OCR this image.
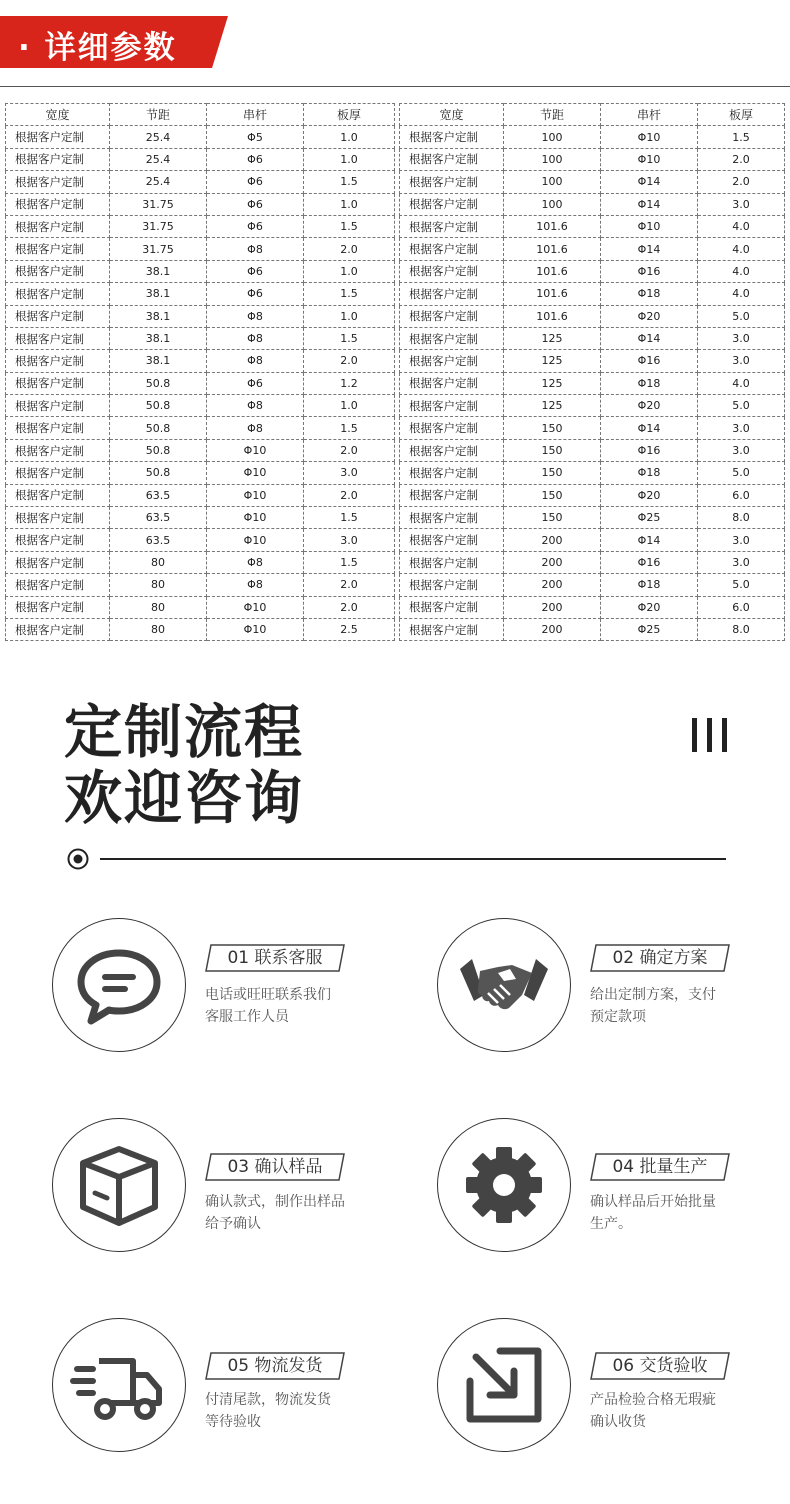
· 详细参数
宽度	节距	串杆	板厚
根据客户定制	25.4	Φ5	1.0
根据客户定制	25.4	Φ6	1.0
根据客户定制	25.4	Φ6	1.5
根据客户定制	31.75	Φ6	1.0
根据客户定制	31.75	Φ6	1.5
根据客户定制	31.75	Φ8	2.0
根据客户定制	38.1	Φ6	1.0
根据客户定制	38.1	Φ6	1.5
根据客户定制	38.1	Φ8	1.0
根据客户定制	38.1	Φ8	1.5
根据客户定制	38.1	Φ8	2.0
根据客户定制	50.8	Φ6	1.2
根据客户定制	50.8	Φ8	1.0
根据客户定制	50.8	Φ8	1.5
根据客户定制	50.8	Φ10	2.0
根据客户定制	50.8	Φ10	3.0
根据客户定制	63.5	Φ10	2.0
根据客户定制	63.5	Φ10	1.5
根据客户定制	63.5	Φ10	3.0
根据客户定制	80	Φ8	1.5
根据客户定制	80	Φ8	2.0
根据客户定制	80	Φ10	2.0
根据客户定制	80	Φ10	2.5
宽度	节距	串杆	板厚
根据客户定制	100	Φ10	1.5
根据客户定制	100	Φ10	2.0
根据客户定制	100	Φ14	2.0
根据客户定制	100	Φ14	3.0
根据客户定制	101.6	Φ10	4.0
根据客户定制	101.6	Φ14	4.0
根据客户定制	101.6	Φ16	4.0
根据客户定制	101.6	Φ18	4.0
根据客户定制	101.6	Φ20	5.0
根据客户定制	125	Φ14	3.0
根据客户定制	125	Φ16	3.0
根据客户定制	125	Φ18	4.0
根据客户定制	125	Φ20	5.0
根据客户定制	150	Φ14	3.0
根据客户定制	150	Φ16	3.0
根据客户定制	150	Φ18	5.0
根据客户定制	150	Φ20	6.0
根据客户定制	150	Φ25	8.0
根据客户定制	200	Φ14	3.0
根据客户定制	200	Φ16	3.0
根据客户定制	200	Φ18	5.0
根据客户定制	200	Φ20	6.0
根据客户定制	200	Φ25	8.0
定制流程
欢迎咨询
01 联系客服
电话或旺旺联系我们
客服工作人员
02 确定方案
给出定制方案，支付
预定款项
03 确认样品
确认款式，制作出样品
给予确认
04 批量生产
确认样品后开始批量
生产。
05 物流发货
付清尾款，物流发货
等待验收
06 交货验收
产品检验合格无瑕疵
确认收货
